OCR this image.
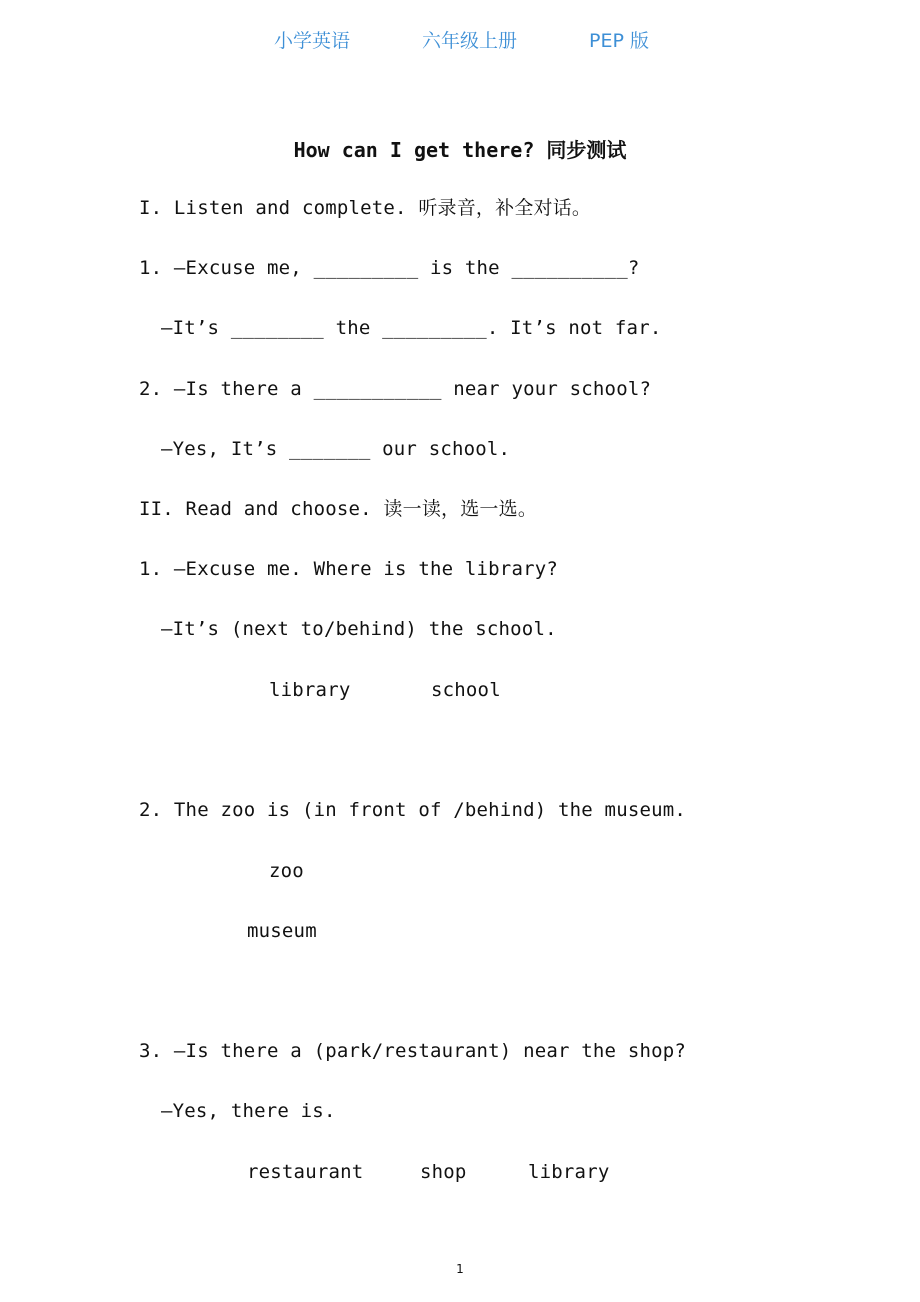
小学英语	六年级上册	PEP 版
How can I get there? 同步测试
I. Listen and complete. 听录音，补全对话。
1. —Excuse me, _________ is the __________?
—It’s ________ the _________. It’s not far.
2. —Is there a ___________ near your school?
—Yes, It’s _______ our school.
II. Read and choose. 读一读，选一选。
1. —Excuse me. Where is the library?
—It’s (next to/behind) the school.
library	school
2. The zoo is (in front of /behind) the museum.
zoo
museum
3. —Is there a (park/restaurant) near the shop?
—Yes, there is.
restaurant	shop	library
1
